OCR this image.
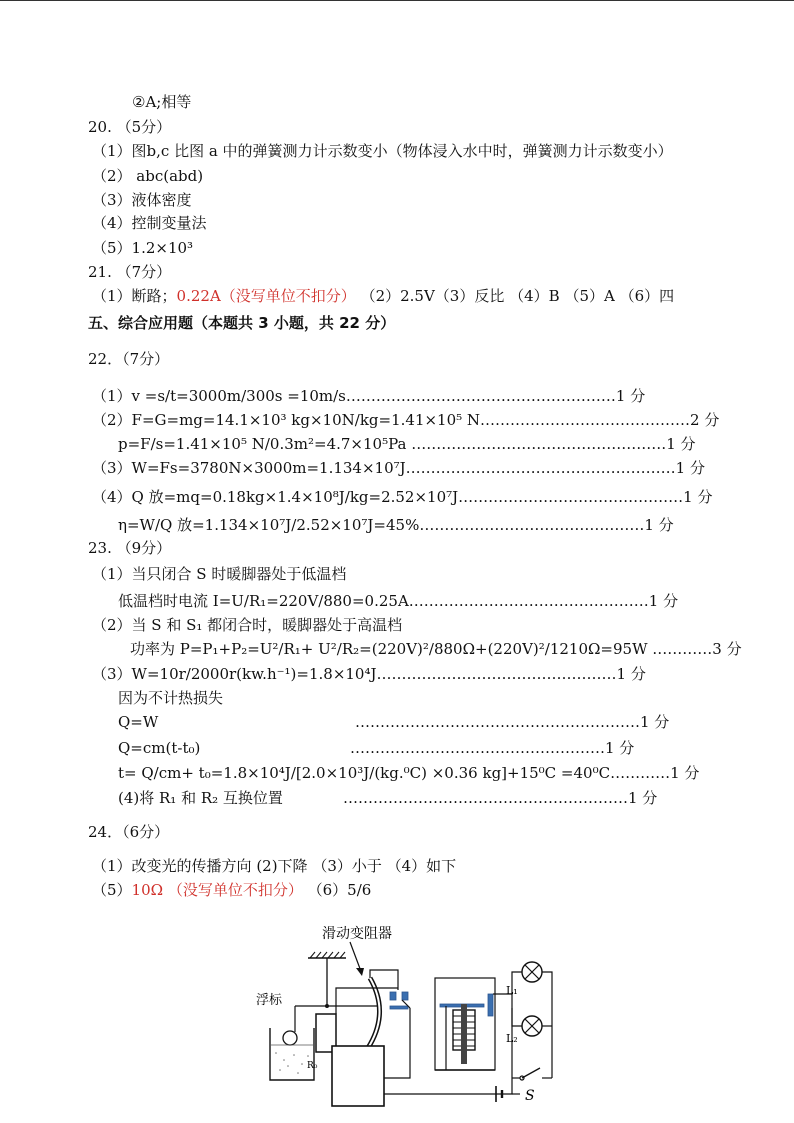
②A;相等
20. （5分）
（1）图b,c 比图 a 中的弹簧测力计示数变小（物体浸入水中时，弹簧测力计示数变小）
（2） abc(abd)
（3）液体密度
（4）控制变量法
（5）1.2×10³
21. （7分）
（1）断路；0.22A（没写单位不扣分） （2）2.5V（3）反比 （4）B （5）A （6）四
五、综合应用题（本题共 3 小题，共 22 分）
22．（7分）
（1）v =s/t=3000m/300s =10m/s………………………………………………1 分
（2）F=G=mg=14.1×10³ kg×10N/kg=1.41×10⁵ N……………………………………2 分
p=F/s=1.41×10⁵ N/0.3m²=4.7×10⁵Pa ……………………………………………1 分
（3）W=Fs=3780N×3000m=1.134×10⁷J………………………………………………1 分
（4）Q 放=mq=0.18kg×1.4×10⁸J/kg=2.52×10⁷J………………………………………1 分
η=W/Q 放=1.134×10⁷J/2.52×10⁷J=45%………………………………………1 分
23. （9分）
（1）当只闭合 S 时暖脚器处于低温档
低温档时电流 I=U/R₁=220V/880=0.25A…………………………………………1 分
（2）当 S 和 S₁ 都闭合时，暖脚器处于高温档
功率为 P=P₁+P₂=U²/R₁+ U²/R₂=(220V)²/880Ω+(220V)²/1210Ω=95W …………3 分
（3）W=10r/2000r(kw.h⁻¹)=1.8×10⁴J…………………………………………1 分
因为不计热损失
Q=W	…………………………………………………1 分
Q=cm(t-t₀)	……………………………………………1 分
t= Q/cm+ t₀=1.8×10⁴J/[2.0×10³J/(kg.⁰C) ×0.36 kg]+15⁰C =40⁰C…………1 分
(4)将 R₁ 和 R₂ 互换位置	…………………………………………………1 分
24．（6分）
（1）改变光的传播方向 (2)下降 （3）小于 （4）如下
（5）10Ω （没写单位不扣分） （6）5/6
滑动变阻器
浮标
R₀
L₁
L₂
S
